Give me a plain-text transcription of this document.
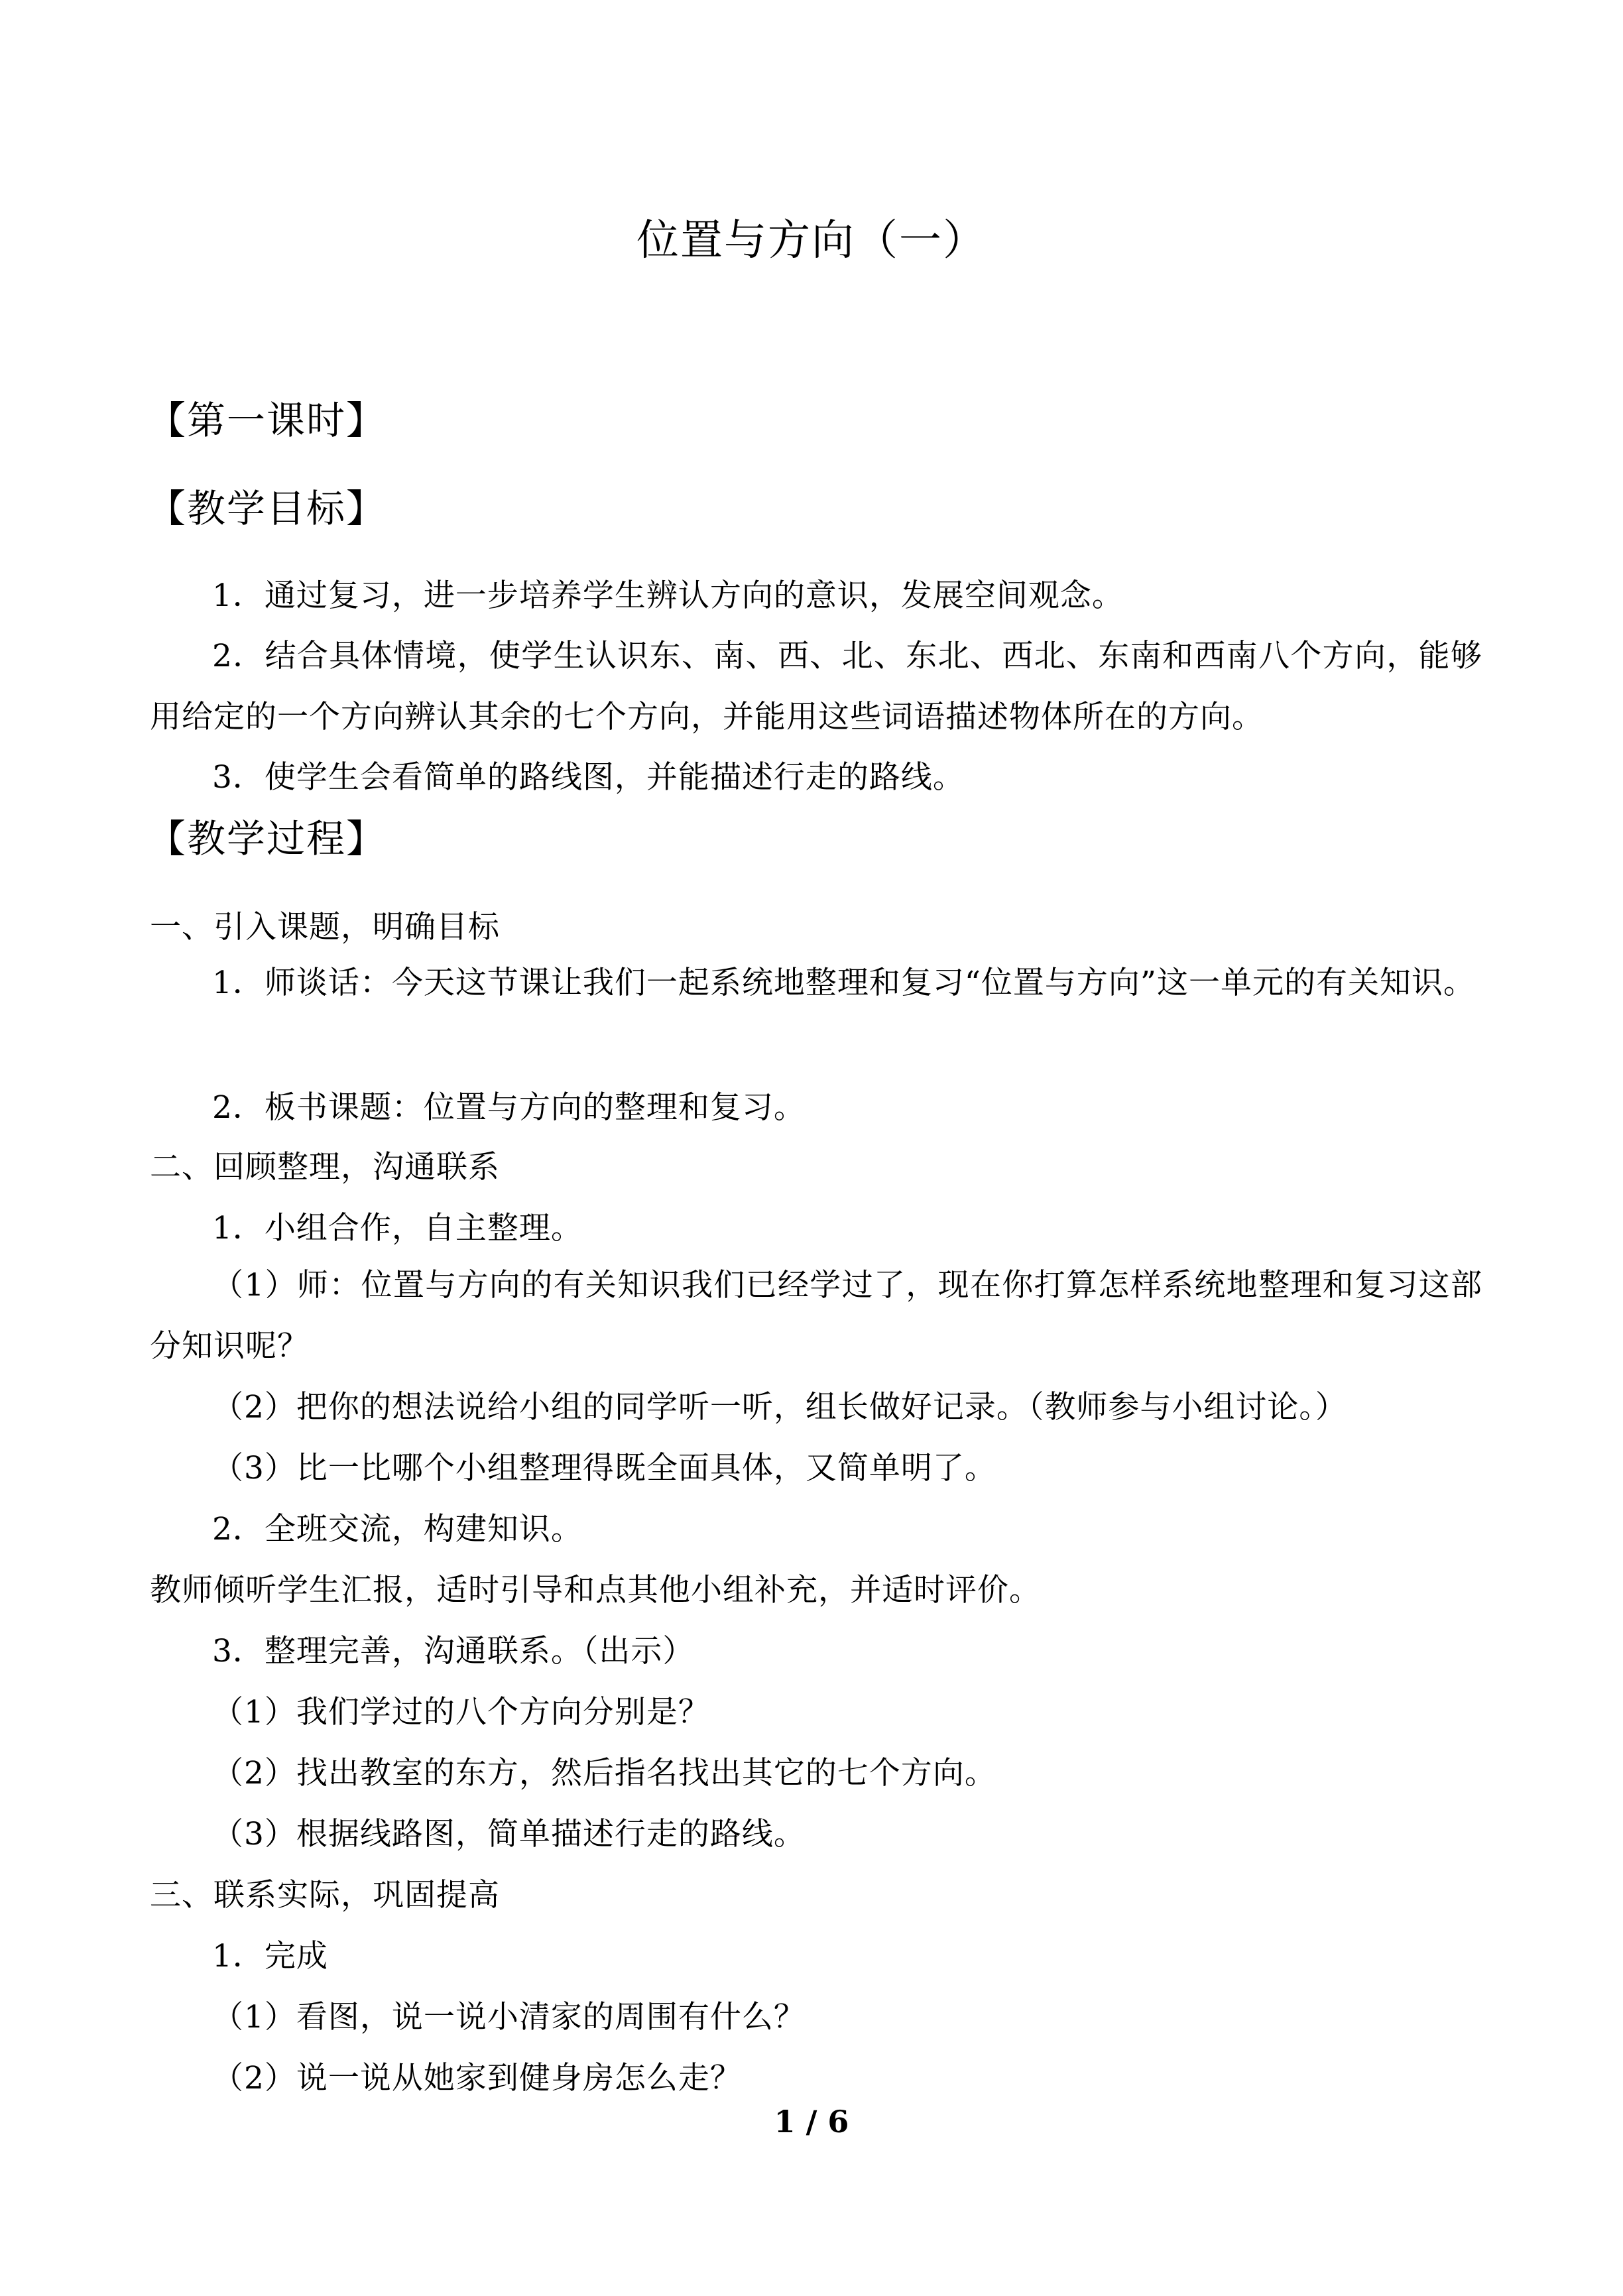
位置与方向（一）
【第一课时】
【教学目标】
1．通过复习，进一步培养学生辨认方向的意识，发展空间观念。
2．结合具体情境，使学生认识东、南、西、北、东北、西北、东南和西南八个方向，能够用给定的一个方向辨认其余的七个方向，并能用这些词语描述物体所在的方向。
3．使学生会看简单的路线图，并能描述行走的路线。
【教学过程】
一、引入课题，明确目标
1．师谈话：今天这节课让我们一起系统地整理和复习“位置与方向”这一单元的有关知识。
2．板书课题：位置与方向的整理和复习。
二、回顾整理，沟通联系
1．小组合作，自主整理。
（1）师：位置与方向的有关知识我们已经学过了，现在你打算怎样系统地整理和复习这部分知识呢？
（2）把你的想法说给小组的同学听一听，组长做好记录。（教师参与小组讨论。）
（3）比一比哪个小组整理得既全面具体，又简单明了。
2．全班交流，构建知识。
教师倾听学生汇报，适时引导和点其他小组补充，并适时评价。
3．整理完善，沟通联系。（出示）
（1）我们学过的八个方向分别是？
（2）找出教室的东方，然后指名找出其它的七个方向。
（3）根据线路图，简单描述行走的路线。
三、联系实际，巩固提高
1．完成
（1）看图，说一说小清家的周围有什么？
（2）说一说从她家到健身房怎么走？
1 / 6
